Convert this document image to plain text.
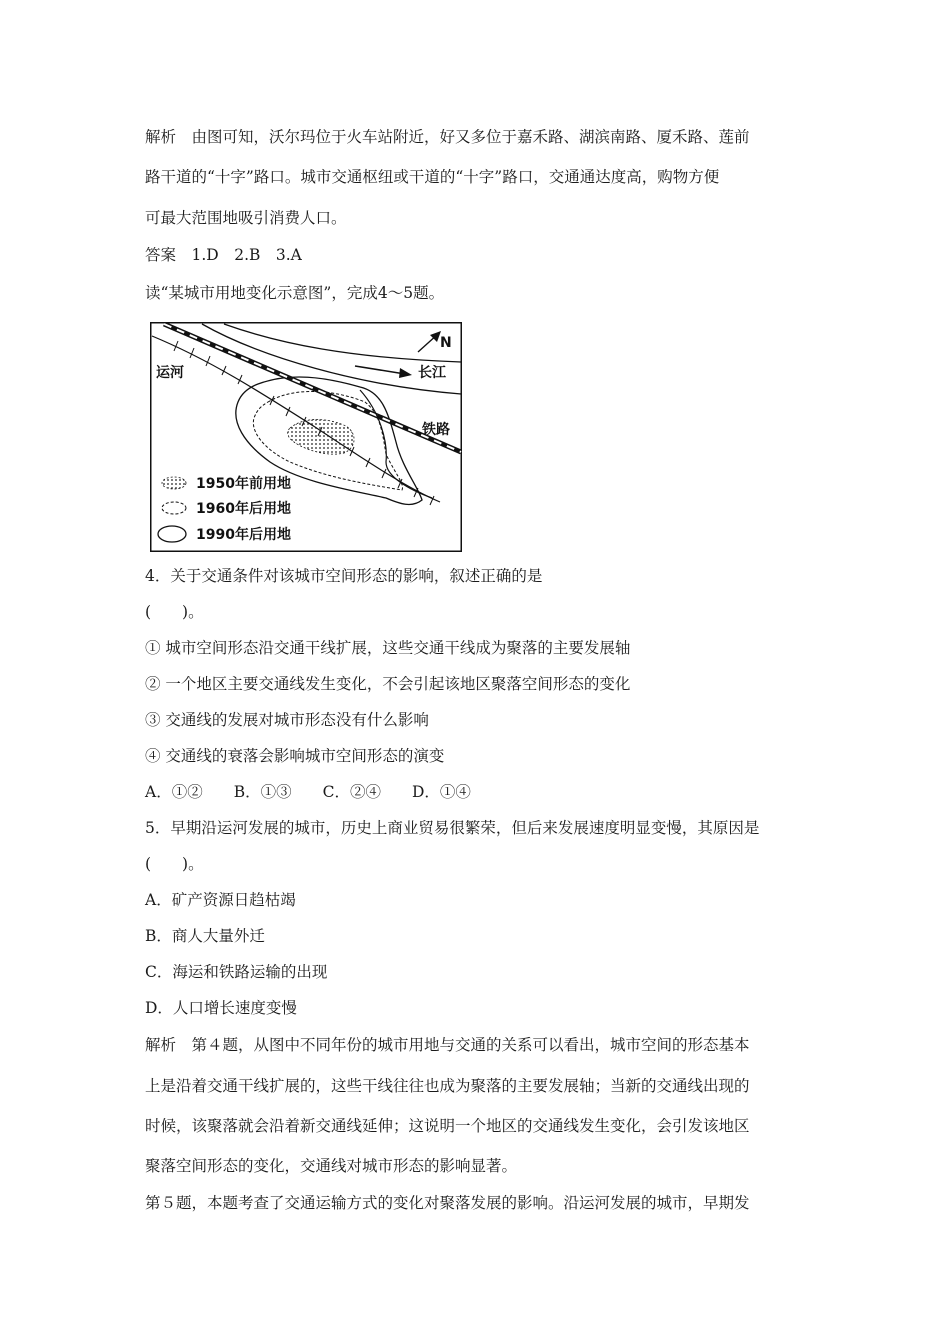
解析　由图可知，沃尔玛位于火车站附近，好又多位于嘉禾路、湖滨南路、厦禾路、莲前
路干道的“十字”路口。城市交通枢纽或干道的“十字”路口，交通通达度高，购物方便
可最大范围地吸引消费人口。
答案　1.D　2.B　3.A
读“某城市用地变化示意图”，完成4～5题。
N
长江
铁路
运河
1950年前用地
1960年后用地
1990年后用地
4．关于交通条件对该城市空间形态的影响，叙述正确的是
(　　)。
① 城市空间形态沿交通干线扩展，这些交通干线成为聚落的主要发展轴
② 一个地区主要交通线发生变化，不会引起该地区聚落空间形态的变化
③ 交通线的发展对城市形态没有什么影响
④ 交通线的衰落会影响城市空间形态的演变
A．①②　　B．①③　　C．②④　　D．①④
5．早期沿运河发展的城市，历史上商业贸易很繁荣，但后来发展速度明显变慢，其原因是
(　　)。
A．矿产资源日趋枯竭
B．商人大量外迁
C．海运和铁路运输的出现
D．人口增长速度变慢
解析　第４题，从图中不同年份的城市用地与交通的关系可以看出，城市空间的形态基本
上是沿着交通干线扩展的，这些干线往往也成为聚落的主要发展轴；当新的交通线出现的
时候，该聚落就会沿着新交通线延伸；这说明一个地区的交通线发生变化，会引发该地区
聚落空间形态的变化，交通线对城市形态的影响显著。
第５题，本题考查了交通运输方式的变化对聚落发展的影响。沿运河发展的城市，早期发
